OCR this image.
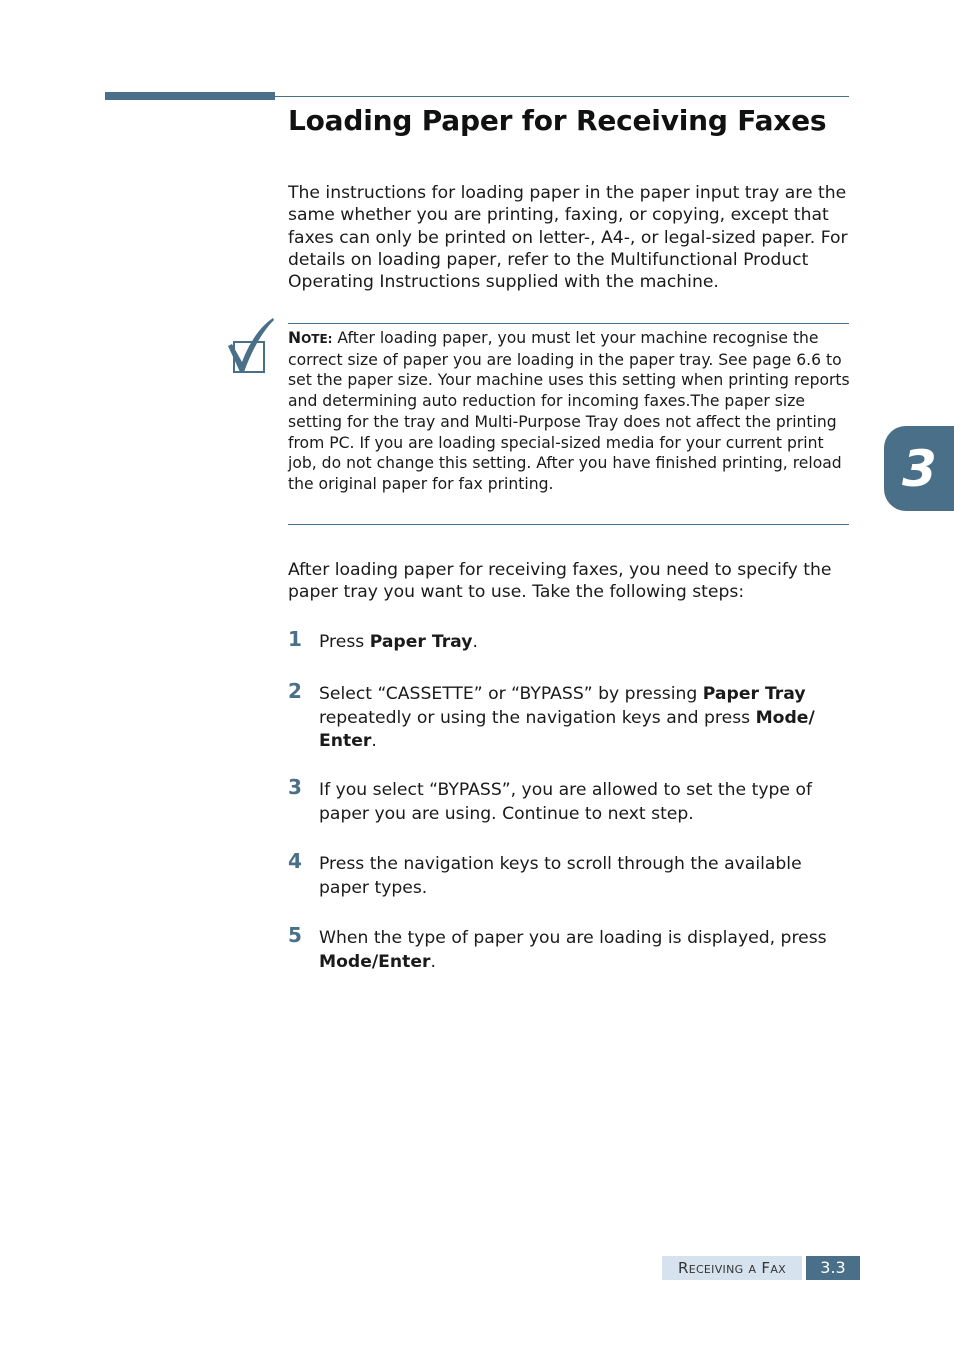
Loading Paper for Receiving Faxes

The instructions for loading paper in the paper input tray are the same whether you are printing, faxing, or copying, except that faxes can only be printed on letter-, A4-, or legal-sized paper. For details on loading paper, refer to the Multifunctional Product Operating Instructions supplied with the machine.

NOTE: After loading paper, you must let your machine recognise the correct size of paper you are loading in the paper tray. See page 6.6 to set the paper size. Your machine uses this setting when printing reports and determining auto reduction for incoming faxes.The paper size setting for the tray and Multi-Purpose Tray does not affect the printing from PC. If you are loading special-sized media for your current print job, do not change this setting. After you have finished printing, reload the original paper for fax printing.

After loading paper for receiving faxes, you need to specify the paper tray you want to use. Take the following steps:

1 Press Paper Tray.

2 Select “CASSETTE” or “BYPASS” by pressing Paper Tray repeatedly or using the navigation keys and press Mode/ Enter.

3 If you select “BYPASS”, you are allowed to set the type of paper you are using. Continue to next step.

4 Press the navigation keys to scroll through the available paper types.

5 When the type of paper you are loading is displayed, press Mode/Enter.

3
RECEIVING A FAX	3.3
